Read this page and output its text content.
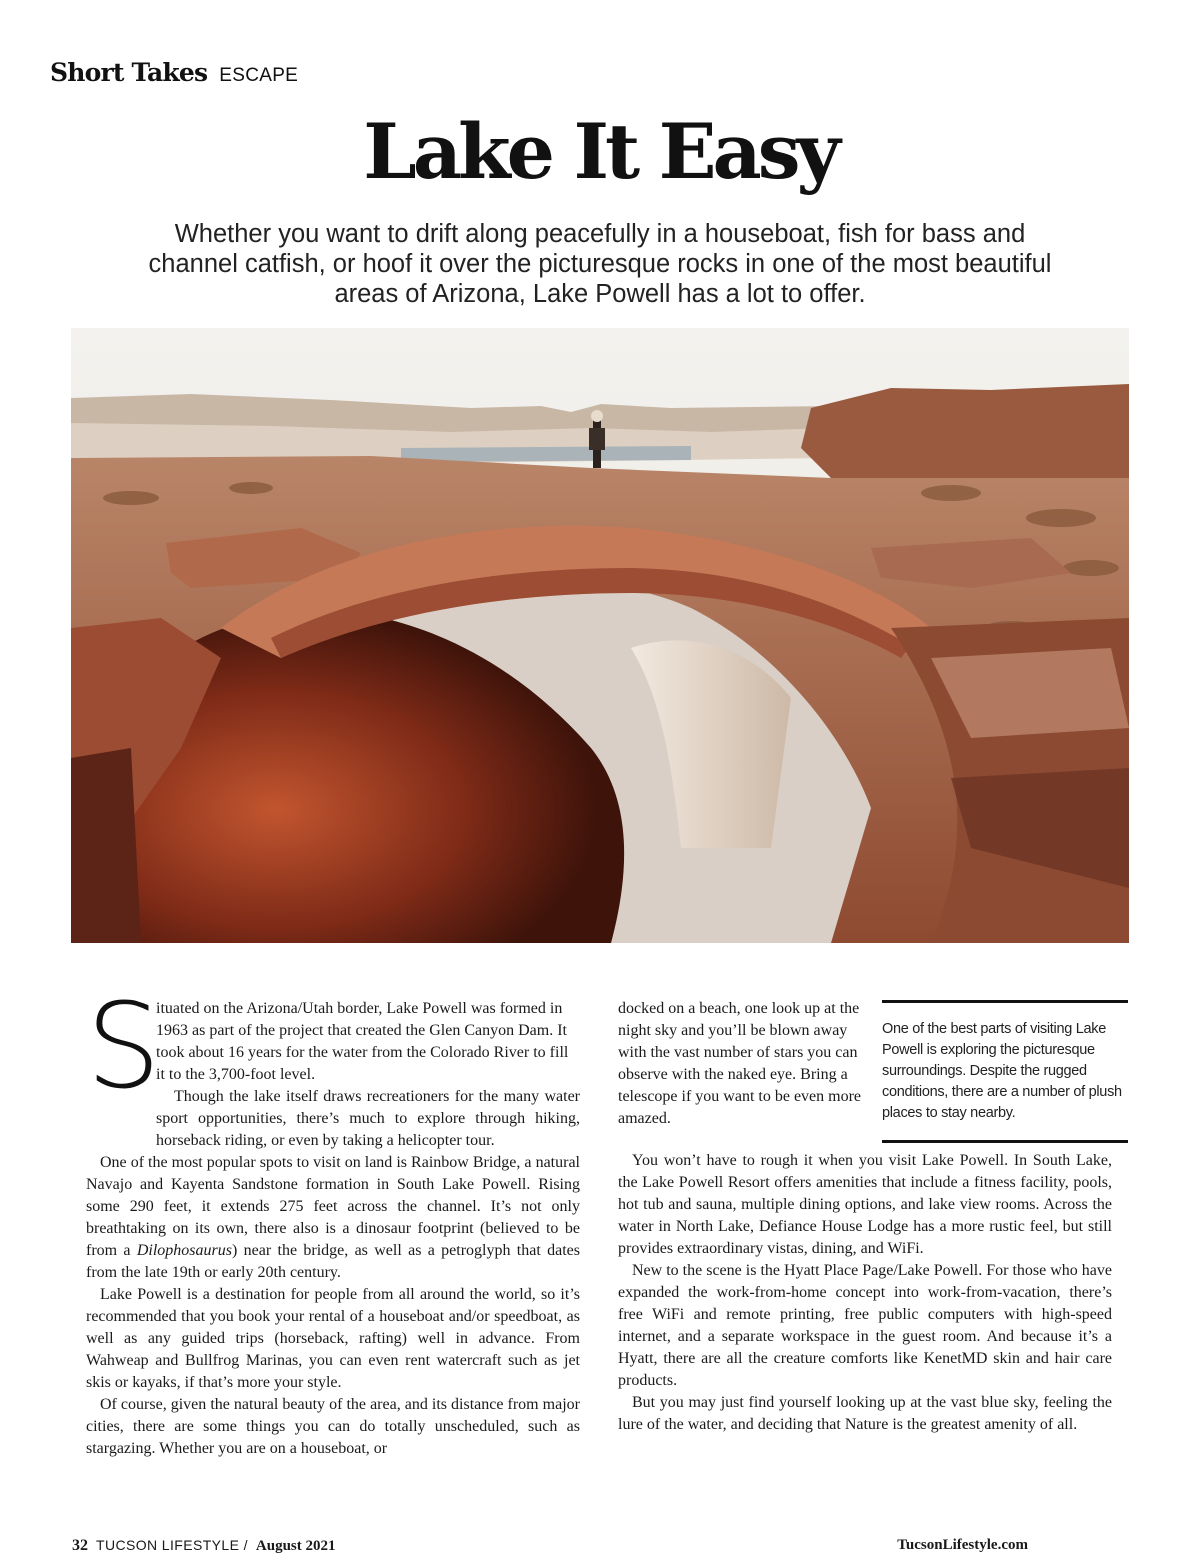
Short Takes ESCAPE
Lake It Easy

Whether you want to drift along peacefully in a houseboat, fish for bass and channel catfish, or hoof it over the picturesque rocks in one of the most beautiful areas of Arizona, Lake Powell has a lot to offer.

S

ituated on the Arizona/Utah border, Lake Powell was formed in 1963 as part of the project that created the Glen Canyon Dam. It took about 16 years for the water from the Colorado River to fill it to the 3,700-foot level.

Though the lake itself draws recreationers for the many water sport opportunities, there’s much to explore through hiking, horseback riding, or even by taking a helicopter tour.

One of the most popular spots to visit on land is Rainbow Bridge, a natural Navajo and Kayenta Sandstone formation in South Lake Powell. Rising some 290 feet, it extends 275 feet across the channel. It’s not only breathtaking on its own, there also is a dinosaur footprint (believed to be from a Dilophosaurus) near the bridge, as well as a petroglyph that dates from the late 19th or early 20th century.

Lake Powell is a destination for people from all around the world, so it’s recommended that you book your rental of a houseboat and/or speedboat, as well as any guided trips (horseback, rafting) well in advance. From Wahweap and Bullfrog Marinas, you can even rent watercraft such as jet skis or kayaks, if that’s more your style.

Of course, given the natural beauty of the area, and its distance from major cities, there are some things you can do totally unscheduled, such as stargazing. Whether you are on a houseboat, or

docked on a beach, one look up at the night sky and you’ll be blown away with the vast number of stars you can observe with the naked eye. Bring a telescope if you want to be even more amazed.

One of the best parts of visiting Lake Powell is exploring the picturesque surroundings. Despite the rugged conditions, there are a number of plush places to stay nearby.

You won’t have to rough it when you visit Lake Powell. In South Lake, the Lake Powell Resort offers amenities that include a fitness facility, pools, hot tub and sauna, multiple dining options, and lake view rooms. Across the water in North Lake, Defiance House Lodge has a more rustic feel, but still provides extraordinary vistas, dining, and WiFi.

New to the scene is the Hyatt Place Page/Lake Powell. For those who have expanded the work-from-home concept into work-from-vacation, there’s free WiFi and remote printing, free public computers with high-speed internet, and a separate workspace in the guest room. And because it’s a Hyatt, there are all the creature comforts like KenetMD skin and hair care products.

But you may just find yourself looking up at the vast blue sky, feeling the lure of the water, and deciding that Nature is the greatest amenity of all.

32 TUCSON LIFESTYLE / August 2021	TucsonLifestyle.com
